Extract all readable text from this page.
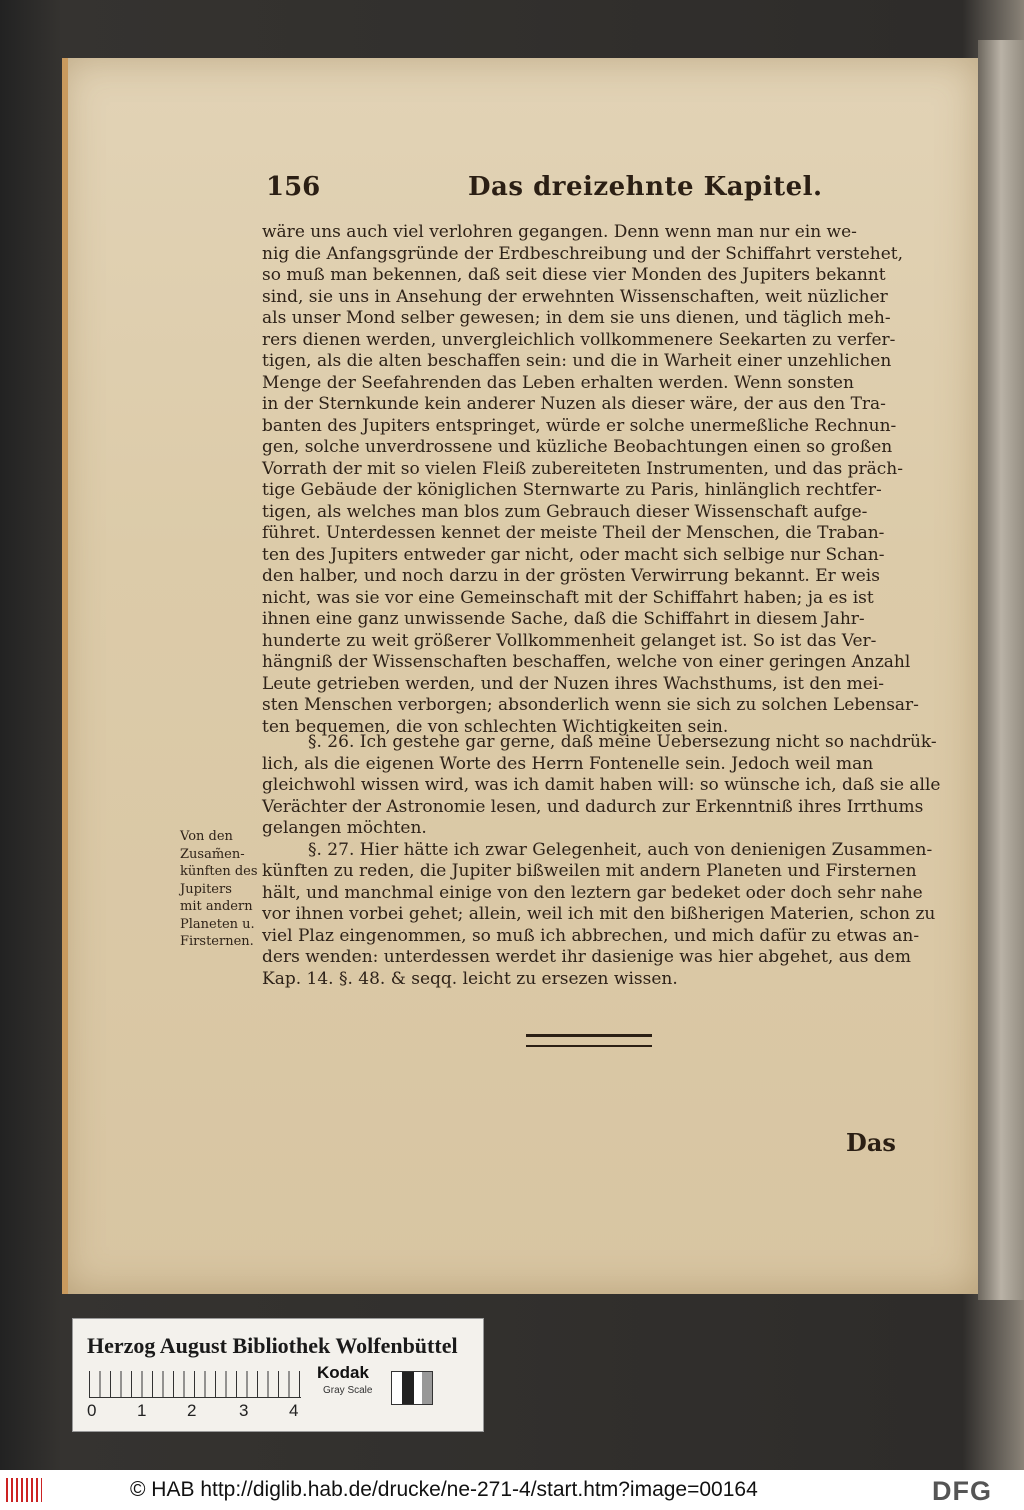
156	Das dreizehnte Kapitel.
wäre uns auch viel verlohren gegangen. Denn wenn man nur ein we-
nig die Anfangsgründe der Erdbeschreibung und der Schiffahrt verstehet,
so muß man bekennen, daß seit diese vier Monden des Jupiters bekannt
sind, sie uns in Ansehung der erwehnten Wissenschaften, weit nüzlicher
als unser Mond selber gewesen; in dem sie uns dienen, und täglich meh-
rers dienen werden, unvergleichlich vollkommenere Seekarten zu verfer-
tigen, als die alten beschaffen sein: und die in Warheit einer unzehlichen
Menge der Seefahrenden das Leben erhalten werden. Wenn sonsten
in der Sternkunde kein anderer Nuzen als dieser wäre, der aus den Tra-
banten des Jupiters entspringet, würde er solche unermeßliche Rechnun-
gen, solche unverdrossene und küzliche Beobachtungen einen so großen
Vorrath der mit so vielen Fleiß zubereiteten Instrumenten, und das präch-
tige Gebäude der königlichen Sternwarte zu Paris, hinlänglich rechtfer-
tigen, als welches man blos zum Gebrauch dieser Wissenschaft aufge-
führet. Unterdessen kennet der meiste Theil der Menschen, die Traban-
ten des Jupiters entweder gar nicht, oder macht sich selbige nur Schan-
den halber, und noch darzu in der grösten Verwirrung bekannt. Er weis
nicht, was sie vor eine Gemeinschaft mit der Schiffahrt haben; ja es ist
ihnen eine ganz unwissende Sache, daß die Schiffahrt in diesem Jahr-
hunderte zu weit größerer Vollkommenheit gelanget ist. So ist das Ver-
hängniß der Wissenschaften beschaffen, welche von einer geringen Anzahl
Leute getrieben werden, und der Nuzen ihres Wachsthums, ist den mei-
sten Menschen verborgen; absonderlich wenn sie sich zu solchen Lebensar-
ten bequemen, die von schlechten Wichtigkeiten sein.
§. 26. Ich gestehe gar gerne, daß meine Uebersezung nicht so nachdrük-
lich, als die eigenen Worte des Herrn Fontenelle sein. Jedoch weil man
gleichwohl wissen wird, was ich damit haben will: so wünsche ich, daß sie alle
Verächter der Astronomie lesen, und dadurch zur Erkenntniß ihres Irrthums
gelangen möchten.
§. 27. Hier hätte ich zwar Gelegenheit, auch von denienigen Zusammen-
künften zu reden, die Jupiter bißweilen mit andern Planeten und Firsternen
hält, und manchmal einige von den leztern gar bedeket oder doch sehr nahe
vor ihnen vorbei gehet; allein, weil ich mit den bißherigen Materien, schon zu
viel Plaz eingenommen, so muß ich abbrechen, und mich dafür zu etwas an-
ders wenden: unterdessen werdet ihr dasienige was hier abgehet, aus dem
Kap. 14. §. 48. & seqq. leicht zu ersezen wissen.
Von den
Zusam̃en-
künften des
Jupiters
mit andern
Planeten u.
Firsternen.
Das
Herzog August Bibliothek Wolfenbüttel
0 1 2	3 4
Kodak
Gray Scale
© HAB http://diglib.hab.de/drucke/ne-271-4/start.htm?image=00164	DFG
